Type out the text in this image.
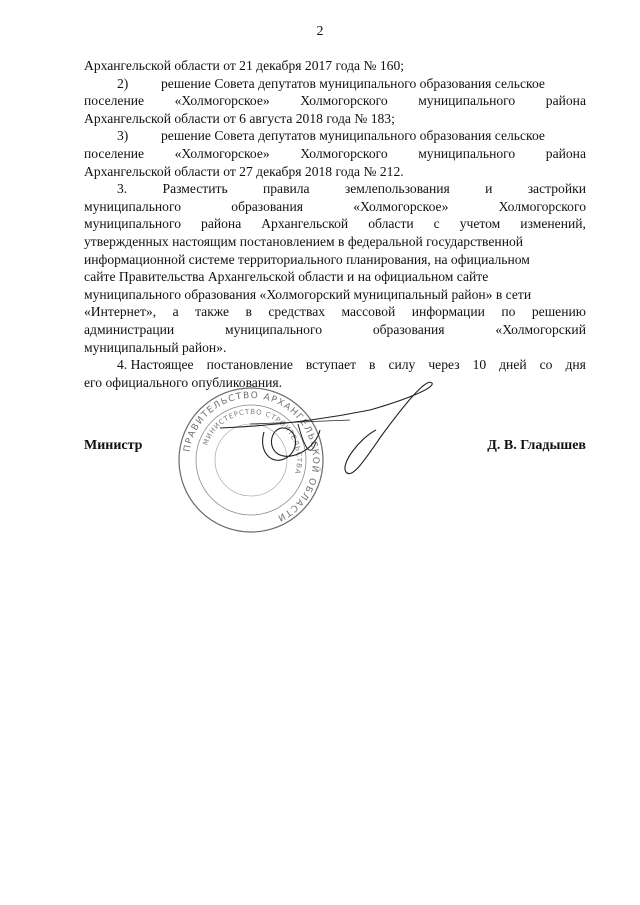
2
Архангельской области от 21 декабря 2017 года № 160;
2) решение Совета депутатов муниципального образования сельское
поселение «Холмогорское» Холмогорского муниципального района
Архангельской области от 6 августа 2018 года № 183;
3) решение Совета депутатов муниципального образования сельское
поселение «Холмогорское» Холмогорского муниципального района
Архангельской области от 27 декабря 2018 года № 212.
3.	Разместить	правила	землепользования	и	застройки
муниципального	образования	«Холмогорское»	Холмогорского
муниципального района Архангельской области с учетом изменений,
утвержденных настоящим постановлением в федеральной государственной
информационной системе территориального планирования, на официальном
сайте Правительства Архангельской области и на официальном сайте
муниципального образования «Холмогорский муниципальный район» в сети
«Интернет», а также в средствах массовой информации по решению
администрации	муниципального	образования	«Холмогорский
муниципальный район».
4. Настоящее постановление вступает в силу через 10 дней со дня
его официального опубликования.
ПРАВИТЕЛЬСТВО АРХАНГЕЛЬСКОЙ ОБЛАСТИ
МИНИСТЕРСТВО СТРОИТЕЛЬСТВА
Министр	Д. В. Гладышев
